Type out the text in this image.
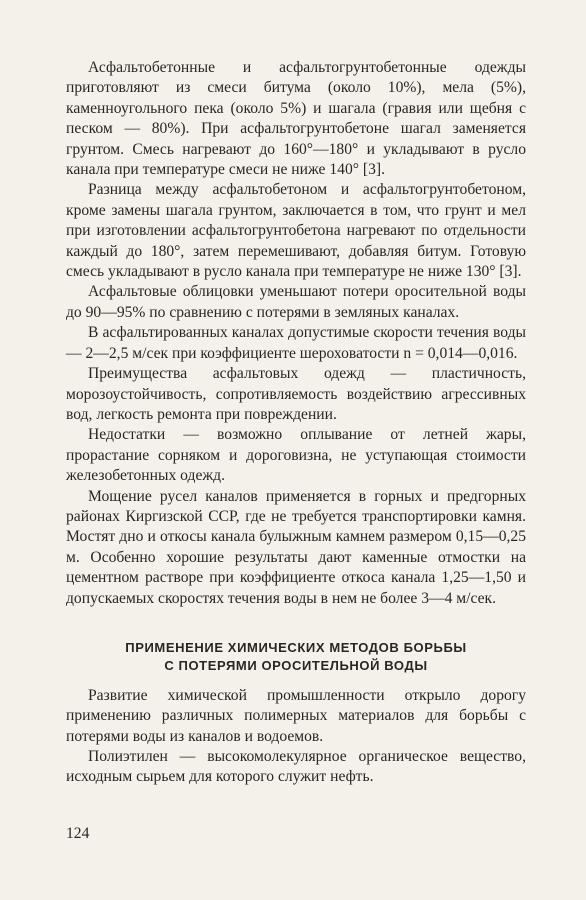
Асфальтобетонные и асфальтогрунтобетонные одежды приготовляют из смеси битума (около 10%), мела (5%), каменноугольного пека (около 5%) и шагала (гравия или щебня с песком — 80%). При асфальтогрунтобетоне шагал заменяется грунтом. Смесь нагревают до 160°—180° и укладывают в русло канала при температуре смеси не ниже 140° [3].

Разница между асфальтобетоном и асфальтогрунтобетоном, кроме замены шагала грунтом, заключается в том, что грунт и мел при изготовлении асфальтогрунтобетона нагревают по отдельности каждый до 180°, затем перемешивают, добавляя битум. Готовую смесь укладывают в русло канала при температуре не ниже 130° [3].

Асфальтовые облицовки уменьшают потери оросительной воды до 90—95% по сравнению с потерями в земляных каналах.

В асфальтированных каналах допустимые скорости течения воды — 2—2,5 м/сек при коэффициенте шероховатости n = 0,014—0,016.

Преимущества асфальтовых одежд — пластичность, морозоустойчивость, сопротивляемость воздействию агрессивных вод, легкость ремонта при повреждении.

Недостатки — возможно оплывание от летней жары, прорастание сорняком и дороговизна, не уступающая стоимости железобетонных одежд.

Мощение русел каналов применяется в горных и предгорных районах Киргизской ССР, где не требуется транспортировки камня. Мостят дно и откосы канала булыжным камнем размером 0,15—0,25 м. Особенно хорошие результаты дают каменные отмостки на цементном растворе при коэффициенте откоса канала 1,25—1,50 и допускаемых скоростях течения воды в нем не более 3—4 м/сек.

ПРИМЕНЕНИЕ ХИМИЧЕСКИХ МЕТОДОВ БОРЬБЫ
С ПОТЕРЯМИ ОРОСИТЕЛЬНОЙ ВОДЫ

Развитие химической промышленности открыло дорогу применению различных полимерных материалов для борьбы с потерями воды из каналов и водоемов.

Полиэтилен — высокомолекулярное органическое вещество, исходным сырьем для которого служит нефть.

124
